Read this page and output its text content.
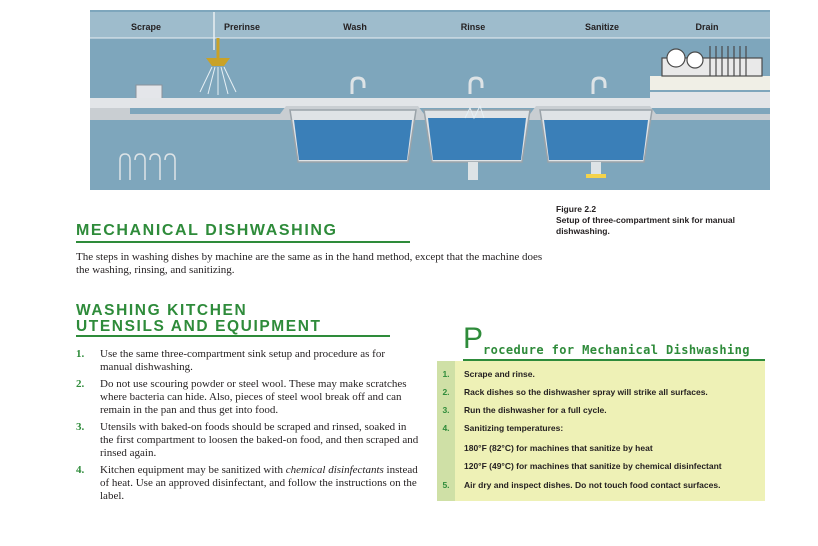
Scrape	Prerinse	Wash	Rinse	Sanitize	Drain
Figure 2.2
Setup of three-compartment sink for manual dishwashing.
MECHANICAL DISHWASHING

The steps in washing dishes by machine are the same as in the hand method, except that the machine does the washing, rinsing, and sanitizing.

WASHING KITCHEN
UTENSILS AND EQUIPMENT
1. Use the same three-compartment sink setup and procedure as for manual dishwashing.
2. Do not use scouring powder or steel wool. These may make scratches where bacteria can hide. Also, pieces of steel wool break off and can remain in the pan and thus get into food.
3. Utensils with baked-on foods should be scraped and rinsed, soaked in the first compartment to loosen the baked-on food, and then scraped and rinsed again.
4. Kitchen equipment may be sanitized with chemical disinfectants instead of heat. Use an approved disinfectant, and follow the instructions on the label.
P rocedure for Mechanical Dishwashing
1.	Scrape and rinse.
2.	Rack dishes so the dishwasher spray will strike all surfaces.
3.	Run the dishwasher for a full cycle.
4.	Sanitizing temperatures:
180°F (82°C) for machines that sanitize by heat
120°F (49°C) for machines that sanitize by chemical disinfectant
5.	Air dry and inspect dishes. Do not touch food contact surfaces.
